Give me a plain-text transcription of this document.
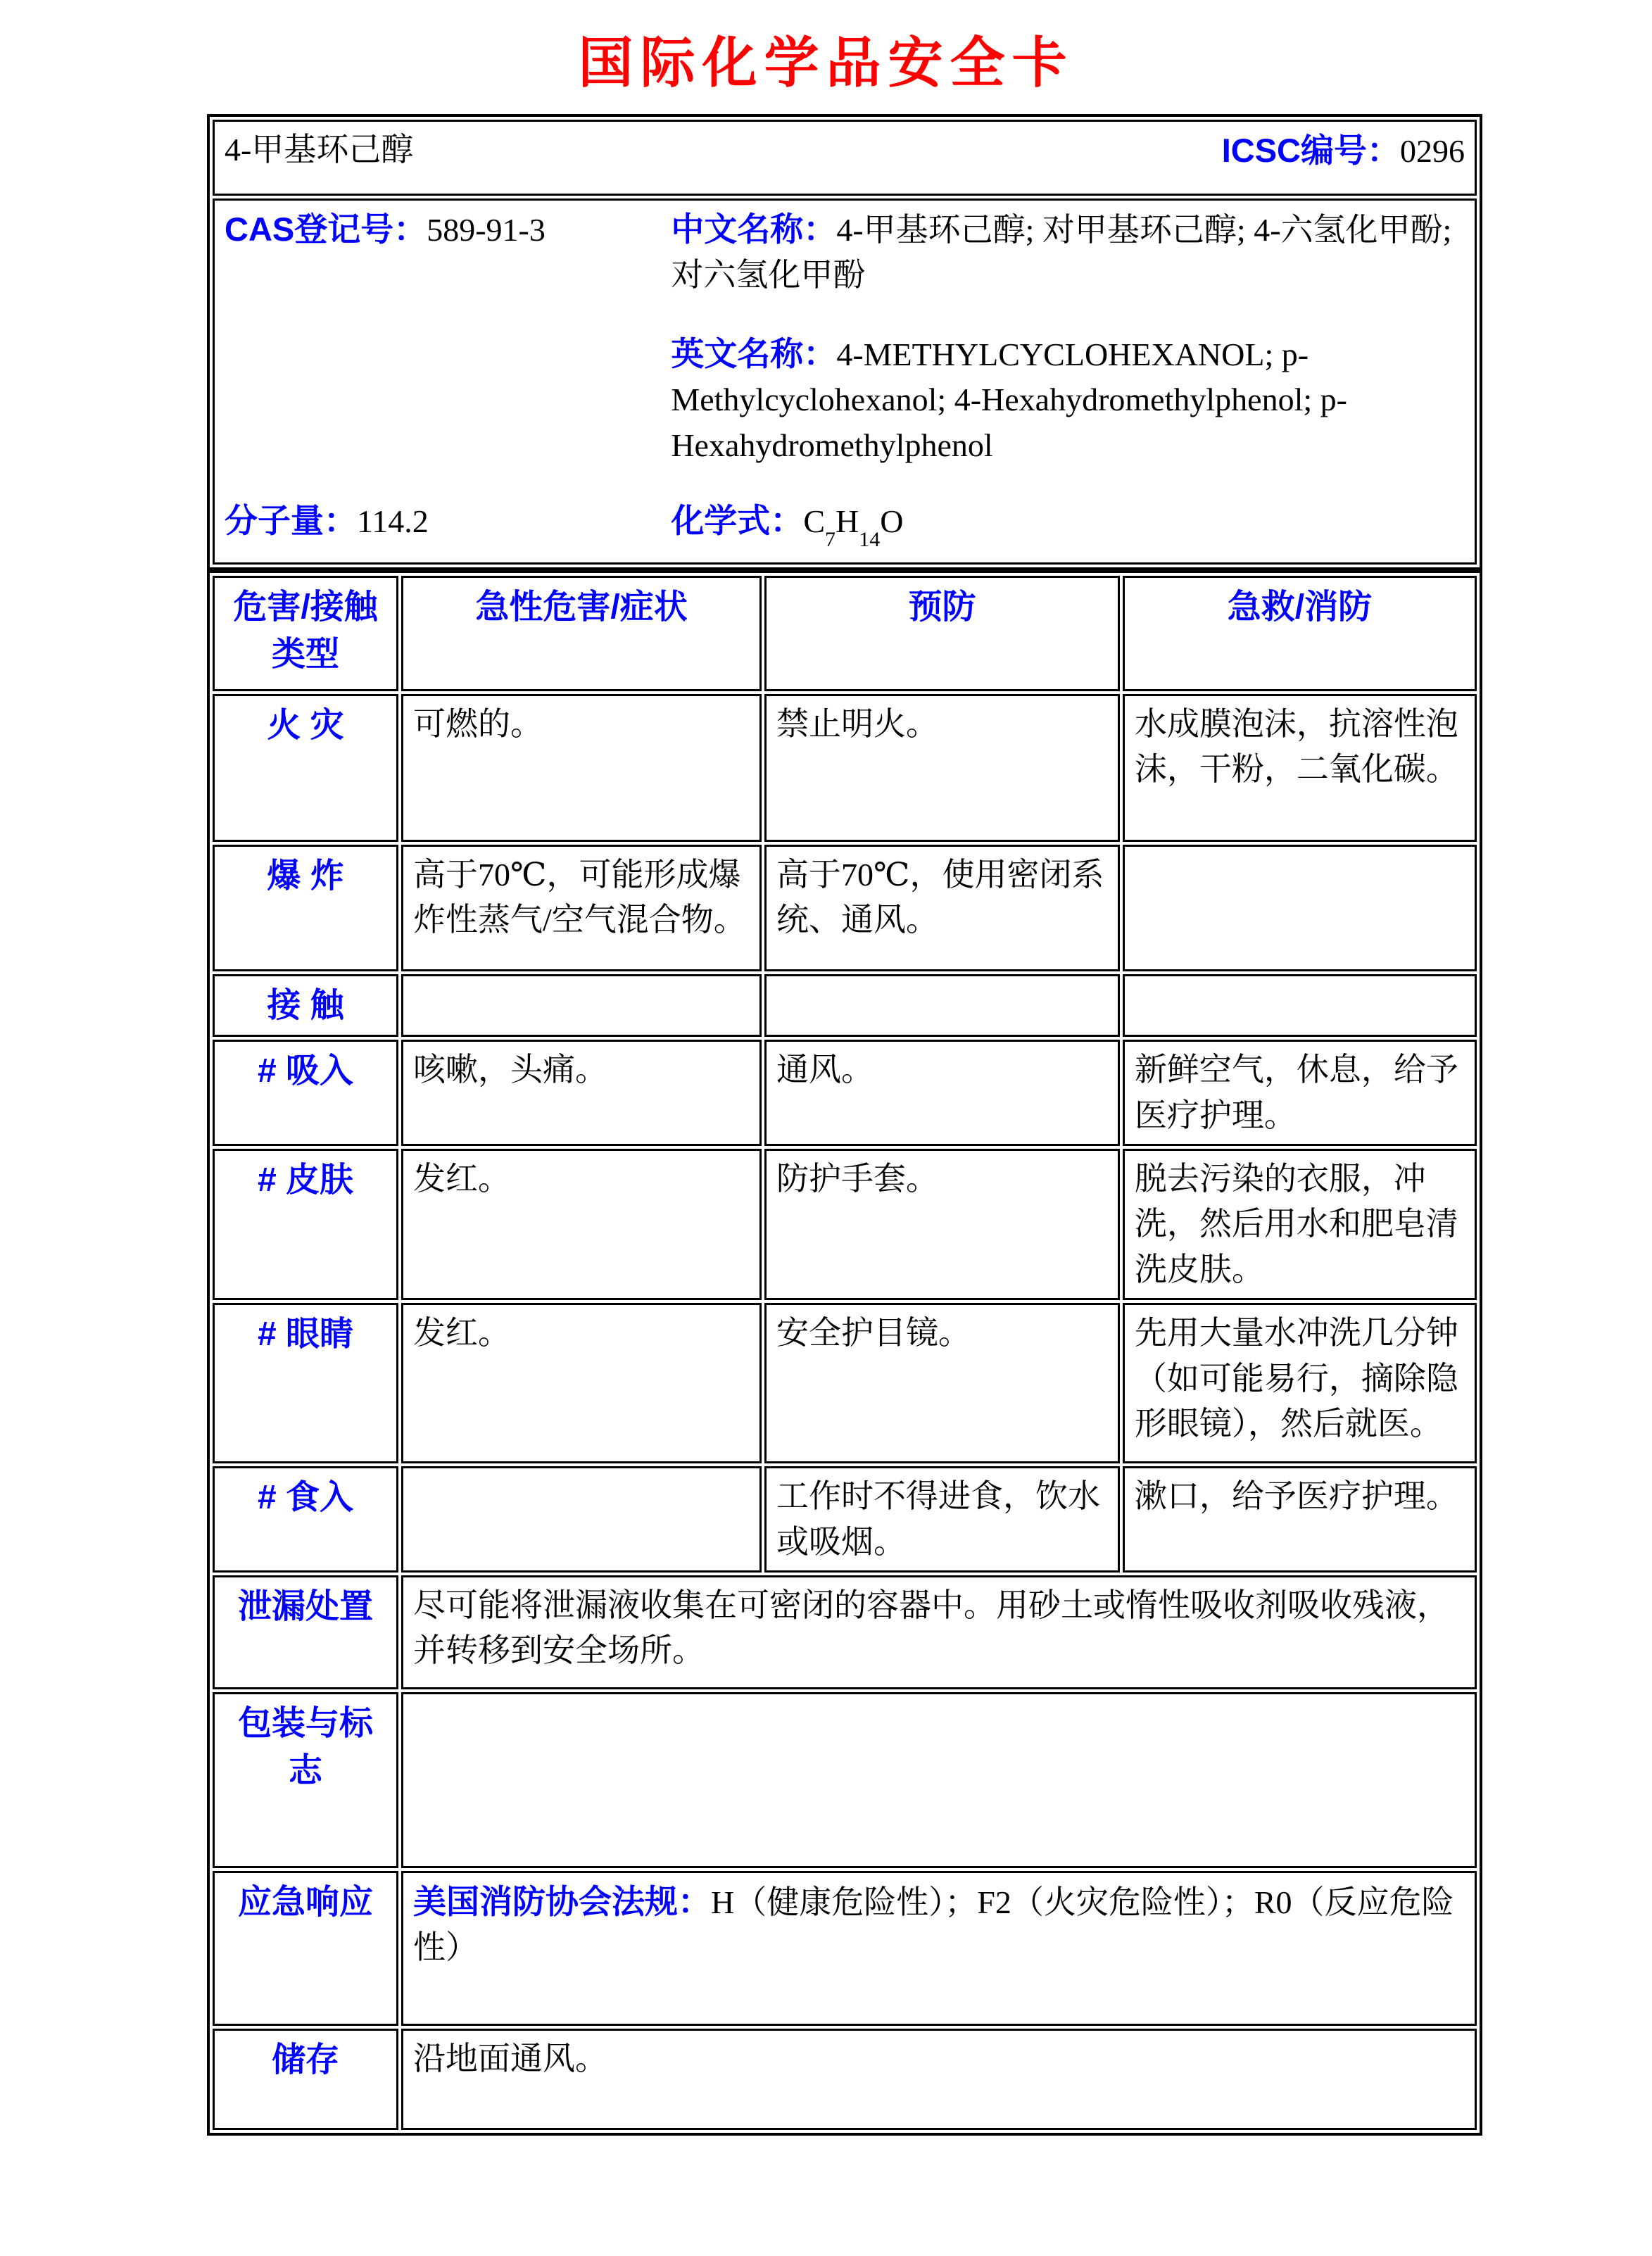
国际化学品安全卡
4-甲基环己醇	ICSC编号：0296

CAS登记号：589-91-3	中文名称：4-甲基环己醇; 对甲基环己醇; 4-六氢化甲酚; 对六氢化甲酚
英文名称：4-METHYLCYCLOHEXANOL; p-Methylcyclohexanol; 4-Hexahydromethylphenol; p-Hexahydromethylphenol
分子量：114.2	化学式：$C_7H_{14}O$
危害/接触类型	急性危害/症状	预防	急救/消防
火 灾	可燃的。	禁止明火。	水成膜泡沫，抗溶性泡沫，干粉，二氧化碳。
爆 炸	高于70℃，可能形成爆炸性蒸气/空气混合物。	高于70℃，使用密闭系统、通风。	
接 触			
# 吸入	咳嗽，头痛。	通风。	新鲜空气，休息，给予医疗护理。
# 皮肤	发红。	防护手套。	脱去污染的衣服，冲洗，然后用水和肥皂清洗皮肤。
# 眼睛	发红。	安全护目镜。	先用大量水冲洗几分钟（如可能易行，摘除隐形眼镜），然后就医。
# 食入		工作时不得进食，饮水或吸烟。	漱口，给予医疗护理。
泄漏处置	尽可能将泄漏液收集在可密闭的容器中。用砂土或惰性吸收剂吸收残液，并转移到安全场所。		
包装与标志			
应急响应	美国消防协会法规：H（健康危险性）；F2（火灾危险性）；R0（反应危险性）		
储存	沿地面通风。		
